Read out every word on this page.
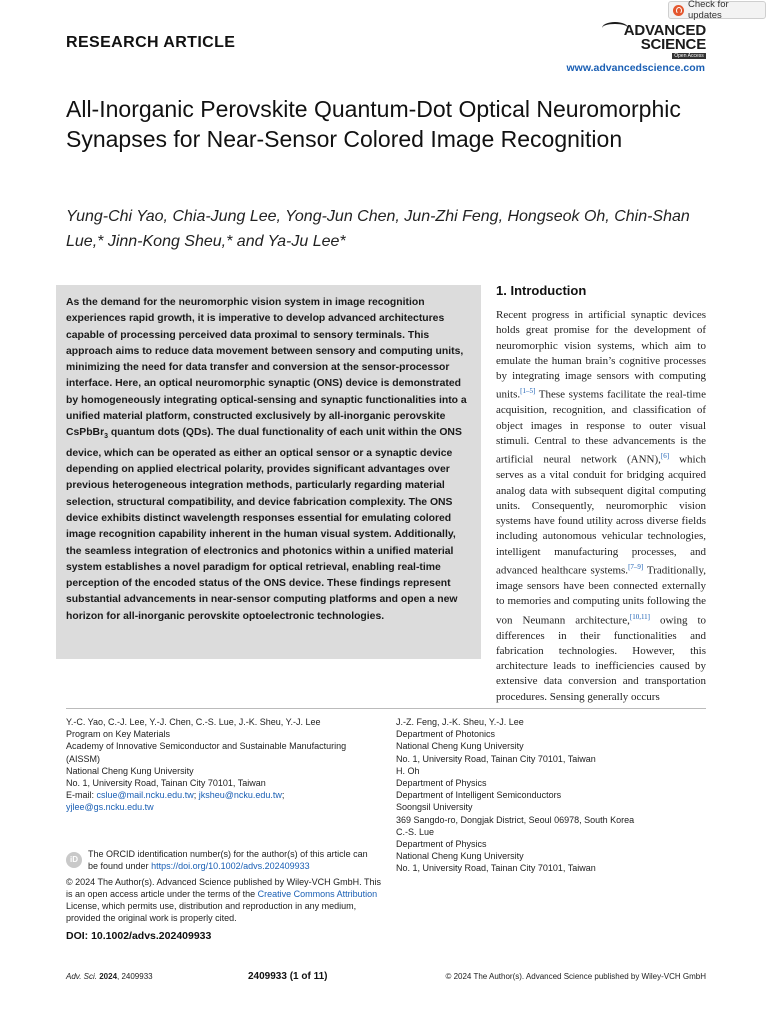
Check for updates
RESEARCH ARTICLE
ADVANCED
SCIENCE
Open Access
www.advancedscience.com
All-Inorganic Perovskite Quantum-Dot Optical Neuromorphic Synapses for Near-Sensor Colored Image Recognition
Yung-Chi Yao, Chia-Jung Lee, Yong-Jun Chen, Jun-Zhi Feng, Hongseok Oh, Chin-Shan Lue,* Jinn-Kong Sheu,* and Ya-Ju Lee*
As the demand for the neuromorphic vision system in image recognition experiences rapid growth, it is imperative to develop advanced architectures capable of processing perceived data proximal to sensory terminals. This approach aims to reduce data movement between sensory and computing units, minimizing the need for data transfer and conversion at the sensor-processor interface. Here, an optical neuromorphic synaptic (ONS) device is demonstrated by homogeneously integrating optical-sensing and synaptic functionalities into a unified material platform, constructed exclusively by all-inorganic perovskite CsPbBr$_3$ quantum dots (QDs). The dual functionality of each unit within the ONS device, which can be operated as either an optical sensor or a synaptic device depending on applied electrical polarity, provides significant advantages over previous heterogeneous integration methods, particularly regarding material selection, structural compatibility, and device fabrication complexity. The ONS device exhibits distinct wavelength responses essential for emulating colored image recognition capability inherent in the human visual system. Additionally, the seamless integration of electronics and photonics within a unified material system establishes a novel paradigm for optical retrieval, enabling real-time perception of the encoded status of the ONS device. These findings represent substantial advancements in near-sensor computing platforms and open a new horizon for all-inorganic perovskite optoelectronic technologies.
1. Introduction
Recent progress in artificial synaptic devices holds great promise for the development of neuromorphic vision systems, which aim to emulate the human brain’s cognitive processes by integrating image sensors with computing units.[1–5] These systems facilitate the real-time acquisition, recognition, and classification of object images in response to outer visual stimuli. Central to these advancements is the artificial neural network (ANN),[6] which serves as a vital conduit for bridging acquired analog data with subsequent digital computing units. Consequently, neuromorphic vision systems have found utility across diverse fields including autonomous vehicular technologies, intelligent manufacturing processes, and advanced healthcare systems.[7–9] Traditionally, image sensors have been connected externally to memories and computing units following the von Neumann architecture,[10,11] owing to differences in their functionalities and fabrication technologies. However, this architecture leads to inefficiencies caused by extensive data conversion and transportation procedures. Sensing generally occurs
Y.-C. Yao, C.-J. Lee, Y.-J. Chen, C.-S. Lue, J.-K. Sheu, Y.-J. Lee
Program on Key Materials
Academy of Innovative Semiconductor and Sustainable Manufacturing
(AISSM)
National Cheng Kung University
No. 1, University Road, Tainan City 70101, Taiwan
E-mail: cslue@mail.ncku.edu.tw; jksheu@ncku.edu.tw;
yjlee@gs.ncku.edu.tw
J.-Z. Feng, J.-K. Sheu, Y.-J. Lee
Department of Photonics
National Cheng Kung University
No. 1, University Road, Tainan City 70101, Taiwan
H. Oh
Department of Physics
Department of Intelligent Semiconductors
Soongsil University
369 Sangdo-ro, Dongjak District, Seoul 06978, South Korea
C.-S. Lue
Department of Physics
National Cheng Kung University
No. 1, University Road, Tainan City 70101, Taiwan
iD
The ORCID identification number(s) for the author(s) of this article can be found under https://doi.org/10.1002/advs.202409933
© 2024 The Author(s). Advanced Science published by Wiley-VCH GmbH. This is an open access article under the terms of the Creative Commons Attribution License, which permits use, distribution and reproduction in any medium, provided the original work is properly cited.
DOI: 10.1002/advs.202409933
Adv. Sci. 2024, 2409933	2409933 (1 of 11)	© 2024 The Author(s). Advanced Science published by Wiley-VCH GmbH
